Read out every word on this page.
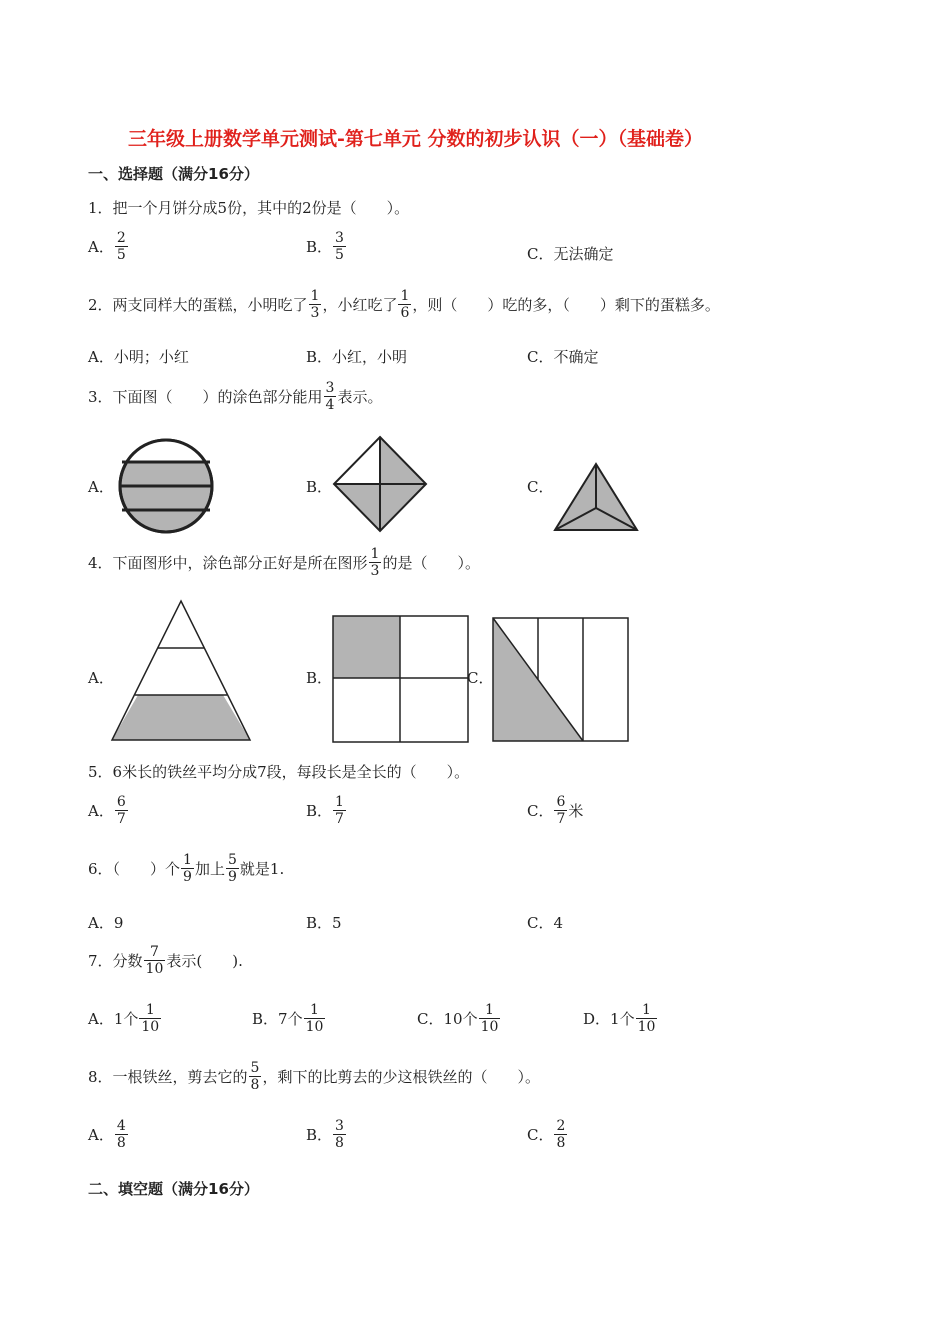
三年级上册数学单元测试-第七单元 分数的初步认识（一）（基础卷）
一、选择题（满分16分）
1．把一个月饼分成5份，其中的2份是（　　）。
A． $\frac{2}{5}$	B． $\frac{3}{5}$	C． 无法确定
2．两支同样大的蛋糕，小明吃了 $\frac{1}{3}$ ，小红吃了 $\frac{1}{6}$ ，则（　　）吃的多，（　　）剩下的蛋糕多。
A．小明；小红	B．小红，小明	C．不确定
3．下面图（　　）的涂色部分能用 $\frac{3}{4}$ 表示。
A．	B．	C．
4．下面图形中，涂色部分正好是所在图形 $\frac{1}{3}$ 的是（　　）。
A．	B．	C．
5．6米长的铁丝平均分成7段，每段长是全长的（　　）。
A． $\frac{6}{7}$	B． $\frac{1}{7}$	C． $\frac{6}{7}$ 米
6．（　　）个 $\frac{1}{9}$ 加上 $\frac{5}{9}$ 就是1.
A．9	B．5	C．4
7．分数 $\frac{7}{10}$ 表示(　　).
A．1个 $\frac{1}{10}$	B．7个 $\frac{1}{10}$	C．10个 $\frac{1}{10}$	D．1个 $\frac{1}{10}$
8．一根铁丝，剪去它的 $\frac{5}{8}$ ，剩下的比剪去的少这根铁丝的（　　）。
A． $\frac{4}{8}$	B． $\frac{3}{8}$	C． $\frac{2}{8}$
二、填空题（满分16分）
